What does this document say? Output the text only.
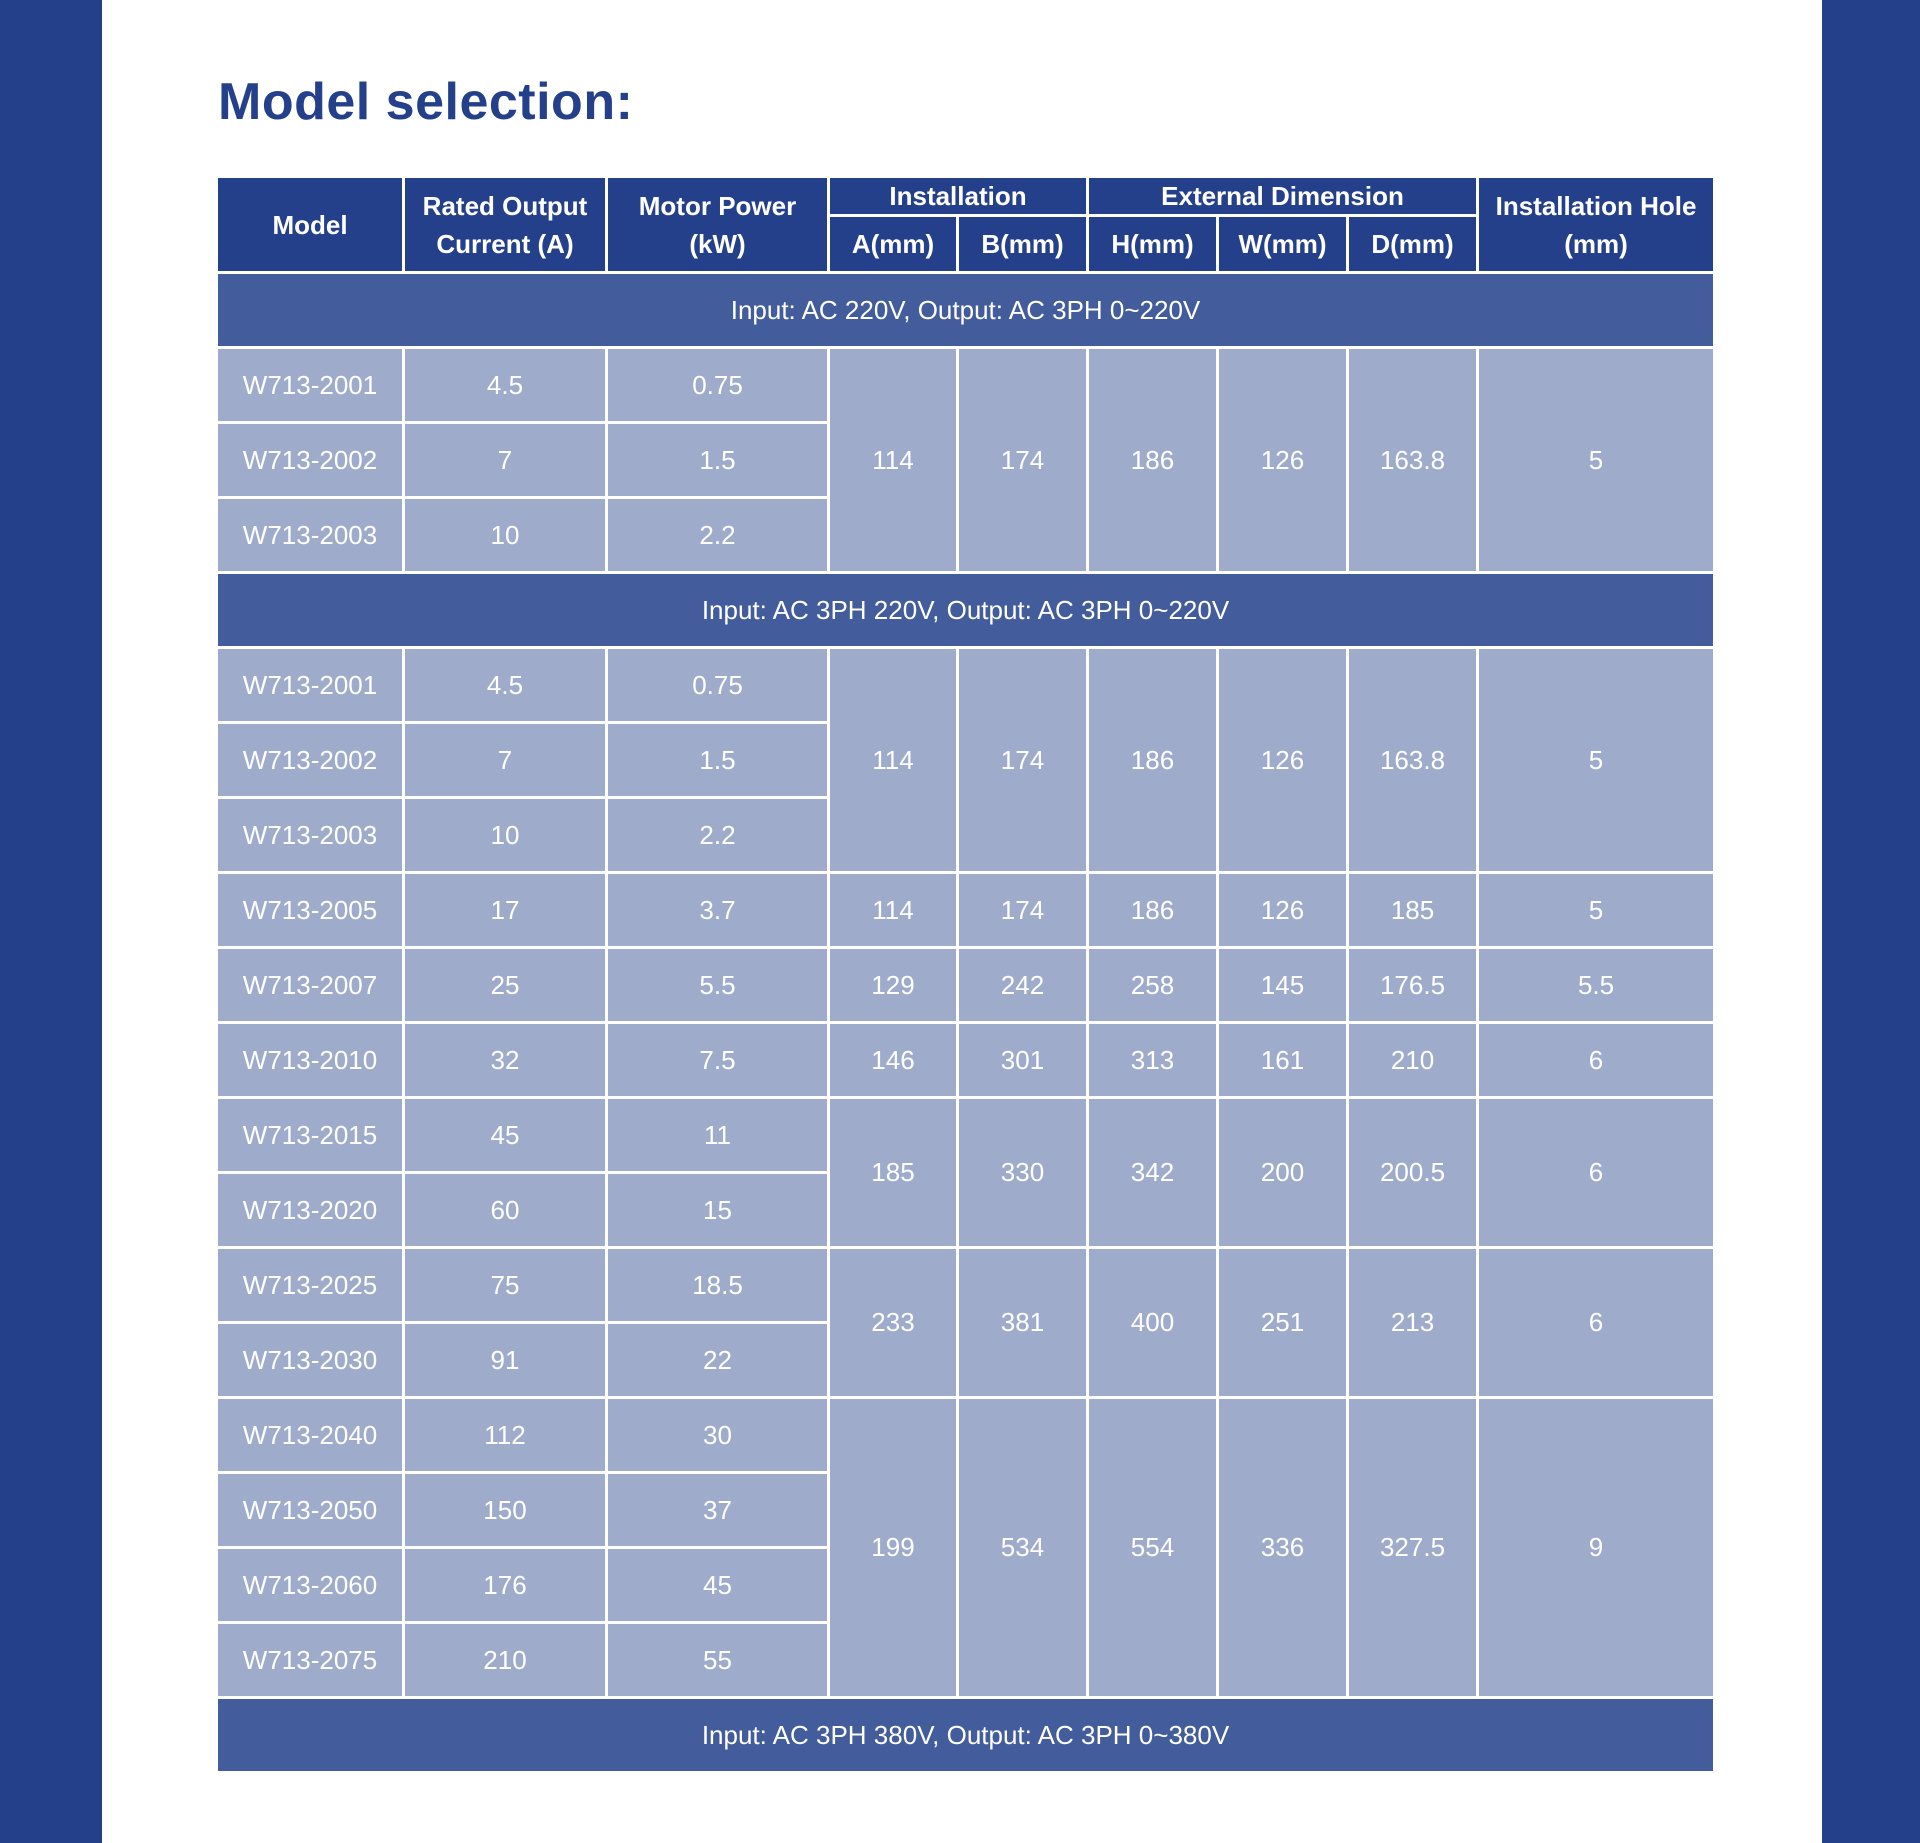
Model selection:
Model	Rated Output Current (A)	Motor Power (kW)	Installation		External Dimension			Installation Hole (mm)
			A(mm)	B(mm)	H(mm)	W(mm)	D(mm)	
Input: AC 220V, Output: AC 3PH 0~220V								
W713-2001	4.5	0.75	114	174	186	126	163.8	5
W713-2002	7	1.5						
W713-2003	10	2.2						
Input: AC 3PH 220V, Output: AC 3PH 0~220V								
W713-2001	4.5	0.75	114	174	186	126	163.8	5
W713-2002	7	1.5						
W713-2003	10	2.2						
W713-2005	17	3.7	114	174	186	126	185	5
W713-2007	25	5.5	129	242	258	145	176.5	5.5
W713-2010	32	7.5	146	301	313	161	210	6
W713-2015	45	11	185	330	342	200	200.5	6
W713-2020	60	15						
W713-2025	75	18.5	233	381	400	251	213	6
W713-2030	91	22						
W713-2040	112	30	199	534	554	336	327.5	9
W713-2050	150	37						
W713-2060	176	45						
W713-2075	210	55						
Input: AC 3PH 380V, Output: AC 3PH 0~380V								
